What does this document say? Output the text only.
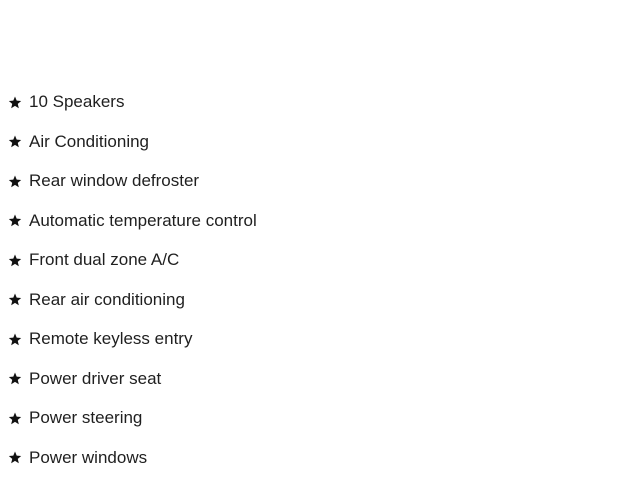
10 Speakers
Air Conditioning
Rear window defroster
Automatic temperature control
Front dual zone A/C
Rear air conditioning
Remote keyless entry
Power driver seat
Power steering
Power windows
